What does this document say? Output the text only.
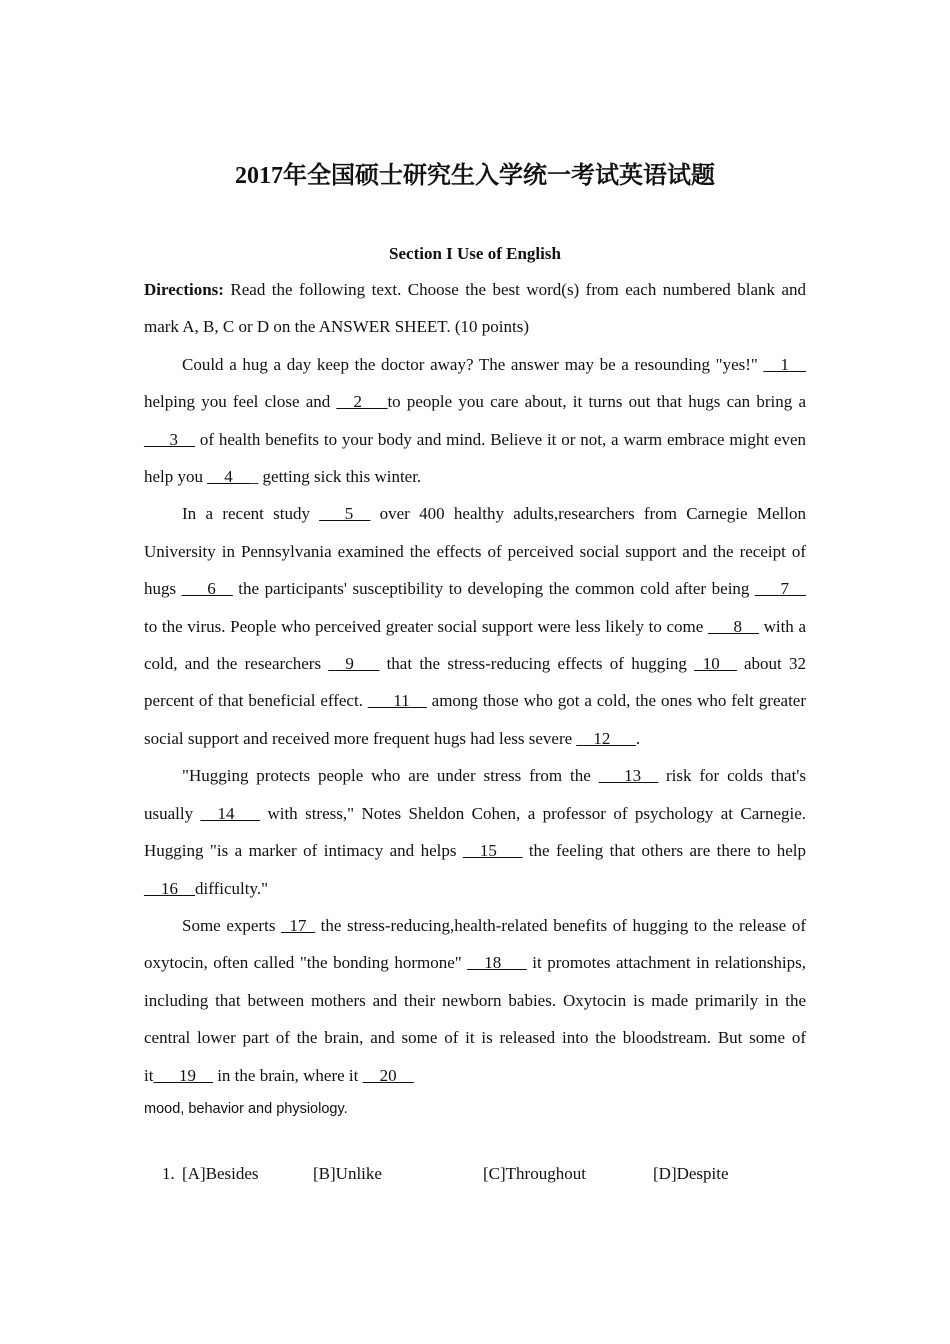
2017年全国硕士研究生入学统一考试英语试题
Section I Use of English

Directions: Read the following text. Choose the best word(s) from each numbered blank and mark A, B, C or D on the ANSWER SHEET. (10 points)

Could a hug a day keep the doctor away? The answer may be a resounding "yes!" __1__ helping you feel close and __2___to people you care about, it turns out that hugs can bring a ___3__ of health benefits to your body and mind. Believe it or not, a warm embrace might even help you __4___ getting sick this winter.

In a recent study ___5__ over 400 healthy adults,researchers from Carnegie Mellon University in Pennsylvania examined the effects of perceived social support and the receipt of hugs ___6__ the participants' susceptibility to developing the common cold after being ___7__ to the virus. People who perceived greater social support were less likely to come ___8__ with a cold, and the researchers __9___ that the stress-reducing effects of hugging _10__ about 32 percent of that beneficial effect. ___11__ among those who got a cold, the ones who felt greater social support and received more frequent hugs had less severe __12___.

"Hugging protects people who are under stress from the ___13__ risk for colds that's usually __14___ with stress," Notes Sheldon Cohen, a professor of psychology at Carnegie. Hugging "is a marker of intimacy and helps __15___ the feeling that others are there to help __16__difficulty."

Some experts _17_ the stress-reducing,health-related benefits of hugging to the release of oxytocin, often called "the bonding hormone" __18___ it promotes attachment in relationships, including that between mothers and their newborn babies. Oxytocin is made primarily in the central lower part of the brain, and some of it is released into the bloodstream. But some of it___19__ in the brain, where it __20__
mood, behavior and physiology.

1. [A]Besides	[B]Unlike	[C]Throughout	[D]Despite
